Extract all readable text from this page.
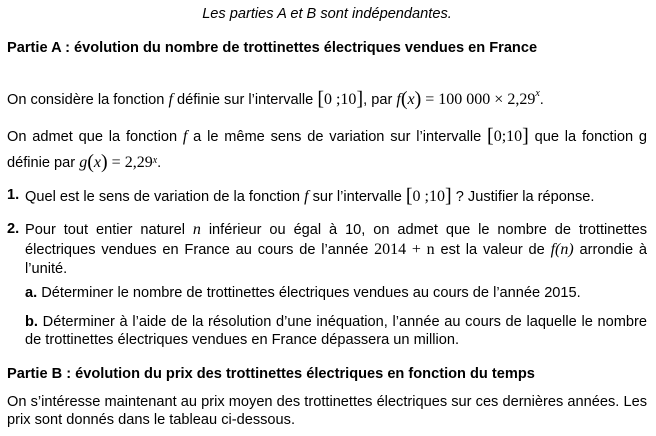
Les parties A et B sont indépendantes.
Partie A : évolution du nombre de trottinettes électriques vendues en France
On considère la fonction f définie sur l’intervalle [0 ;10], par f(x) = 100 $000 \times 2,29^x$.
On admet que la fonction f a le même sens de variation sur l’intervalle [0;10] que la fonction g définie par $g(x) = 2,29^x$.
1. Quel est le sens de variation de la fonction f sur l’intervalle [0 ;10] ? Justifier la réponse.
2. Pour tout entier naturel n inférieur ou égal à 10, on admet que le nombre de trottinettes électriques vendues en France au cours de l’année 2014 + n est la valeur de f(n) arrondie à l’unité.
a. Déterminer le nombre de trottinettes électriques vendues au cours de l’année 2015.
b. Déterminer à l’aide de la résolution d’une inéquation, l’année au cours de laquelle le nombre de trottinettes électriques vendues en France dépassera un million.
Partie B : évolution du prix des trottinettes électriques en fonction du temps
On s’intéresse maintenant au prix moyen des trottinettes électriques sur ces dernières années. Les prix sont donnés dans le tableau ci-dessous.
